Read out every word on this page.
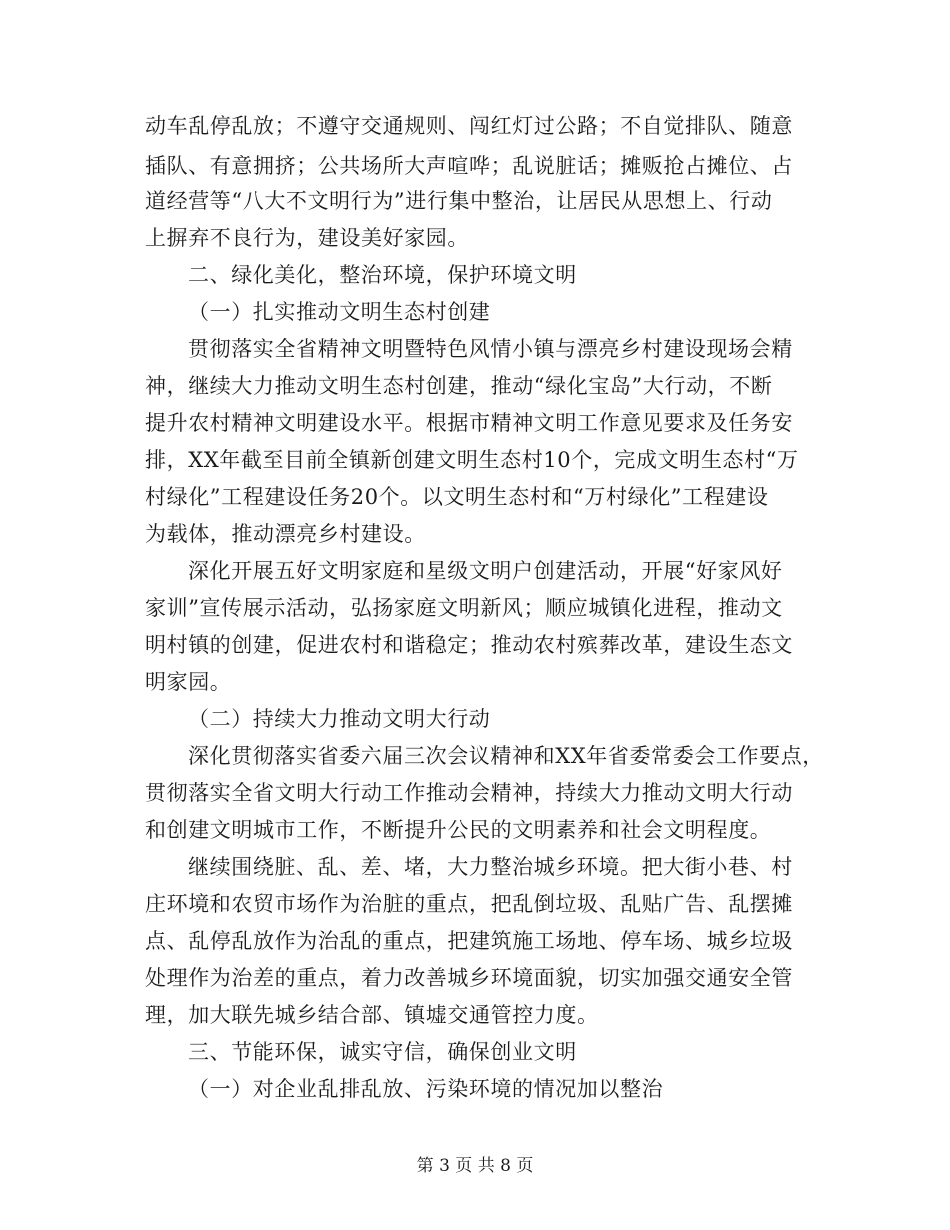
动车乱停乱放；不遵守交通规则、闯红灯过公路；不自觉排队、随意
插队、有意拥挤；公共场所大声喧哗；乱说脏话；摊贩抢占摊位、占
道经营等“八大不文明行为”进行集中整治，让居民从思想上、行动
上摒弃不良行为，建设美好家园。
二、绿化美化，整治环境，保护环境文明
（一）扎实推动文明生态村创建
贯彻落实全省精神文明暨特色风情小镇与漂亮乡村建设现场会精
神，继续大力推动文明生态村创建，推动“绿化宝岛”大行动，不断
提升农村精神文明建设水平。根据市精神文明工作意见要求及任务安
排，XX年截至目前全镇新创建文明生态村10个，完成文明生态村“万
村绿化”工程建设任务20个。以文明生态村和“万村绿化”工程建设
为载体，推动漂亮乡村建设。
深化开展五好文明家庭和星级文明户创建活动，开展“好家风好
家训”宣传展示活动，弘扬家庭文明新风；顺应城镇化进程，推动文
明村镇的创建，促进农村和谐稳定；推动农村殡葬改革，建设生态文
明家园。
（二）持续大力推动文明大行动
深化贯彻落实省委六届三次会议精神和XX年省委常委会工作要点，
贯彻落实全省文明大行动工作推动会精神，持续大力推动文明大行动
和创建文明城市工作，不断提升公民的文明素养和社会文明程度。
继续围绕脏、乱、差、堵，大力整治城乡环境。把大街小巷、村
庄环境和农贸市场作为治脏的重点，把乱倒垃圾、乱贴广告、乱摆摊
点、乱停乱放作为治乱的重点，把建筑施工场地、停车场、城乡垃圾
处理作为治差的重点，着力改善城乡环境面貌，切实加强交通安全管
理，加大联先城乡结合部、镇墟交通管控力度。
三、节能环保，诚实守信，确保创业文明
（一）对企业乱排乱放、污染环境的情况加以整治
第 3 页 共 8 页
